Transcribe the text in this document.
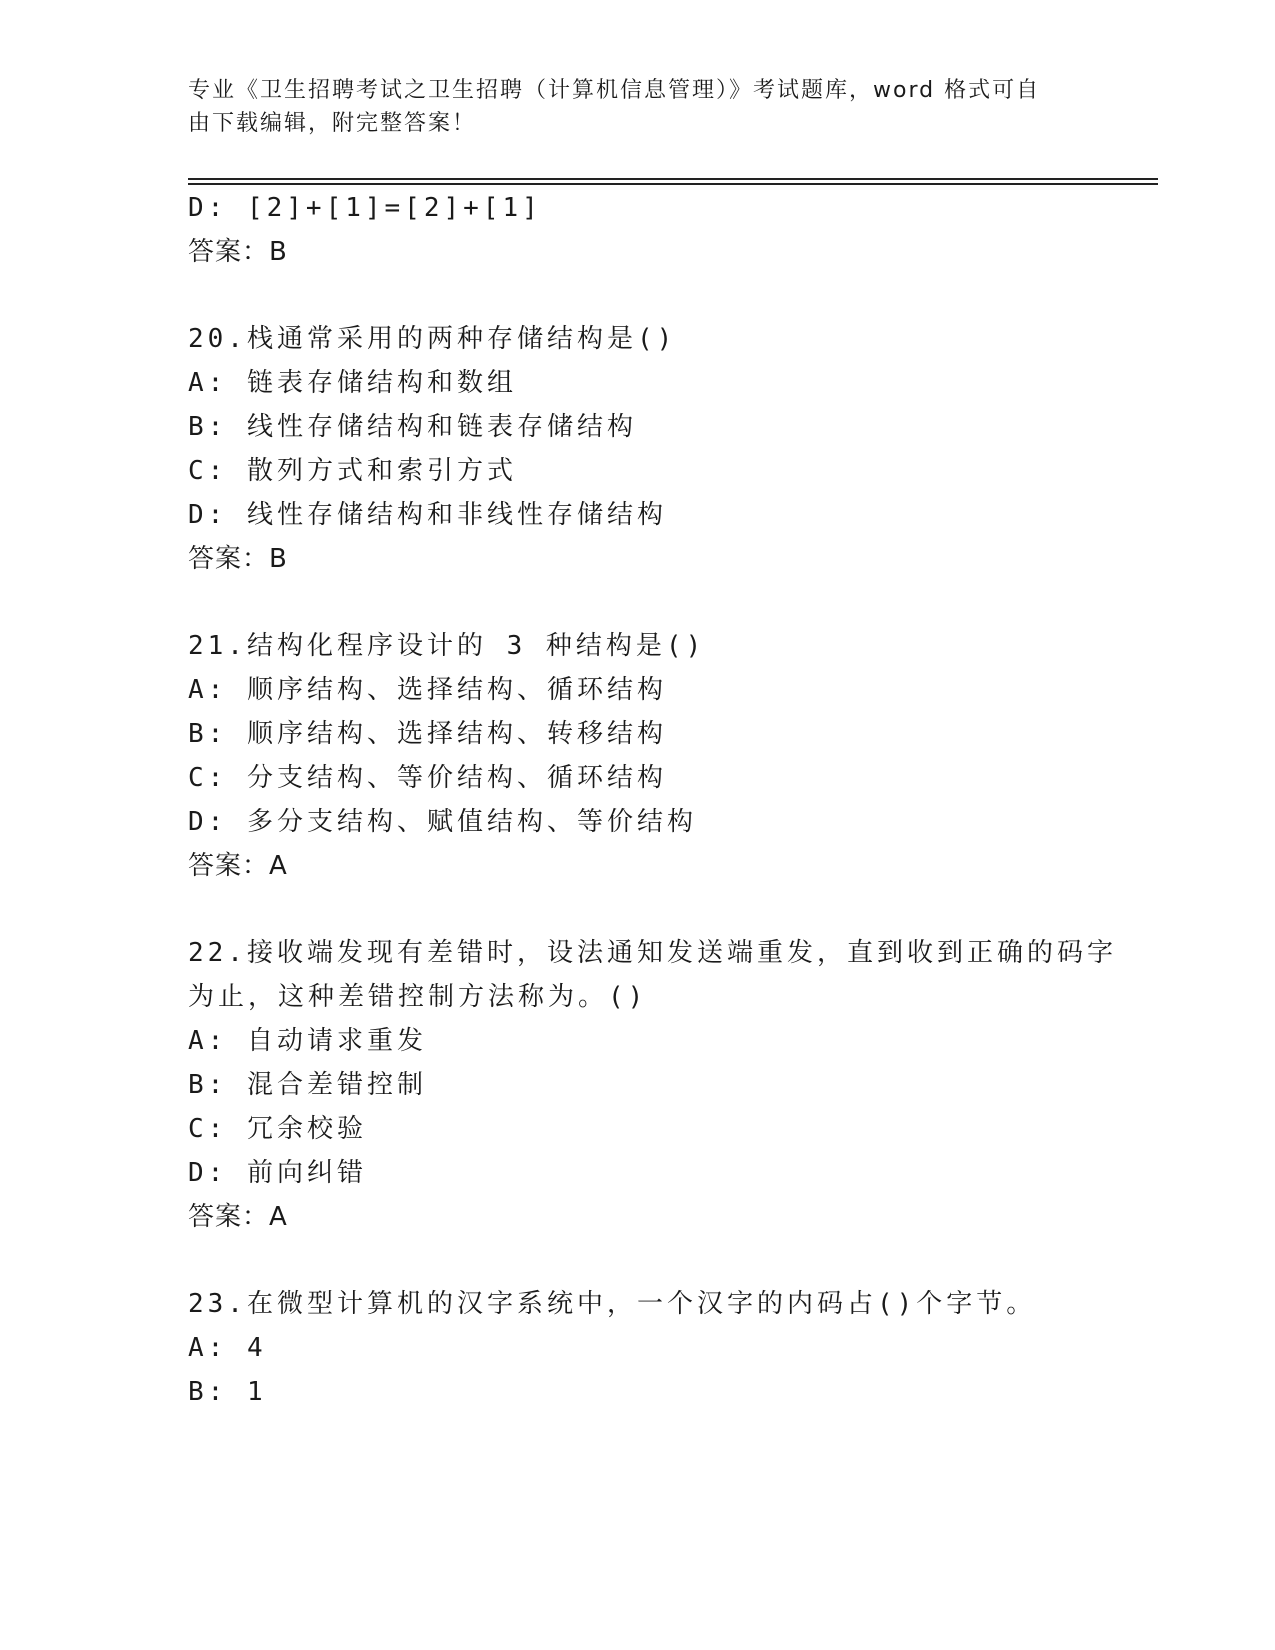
专业《卫生招聘考试之卫生招聘（计算机信息管理）》考试题库，word 格式可自
由下载编辑，附完整答案！
D: [2]+[1]=[2]+[1]
答案：B
20.栈通常采用的两种存储结构是()
A: 链表存储结构和数组
B: 线性存储结构和链表存储结构
C: 散列方式和索引方式
D: 线性存储结构和非线性存储结构
答案：B
21.结构化程序设计的 3 种结构是()
A: 顺序结构、选择结构、循环结构
B: 顺序结构、选择结构、转移结构
C: 分支结构、等价结构、循环结构
D: 多分支结构、赋值结构、等价结构
答案：A
22.接收端发现有差错时，设法通知发送端重发，直到收到正确的码字
为止，这种差错控制方法称为。()
A: 自动请求重发
B: 混合差错控制
C: 冗余校验
D: 前向纠错
答案：A
23.在微型计算机的汉字系统中，一个汉字的内码占()个字节。
A: 4
B: 1
